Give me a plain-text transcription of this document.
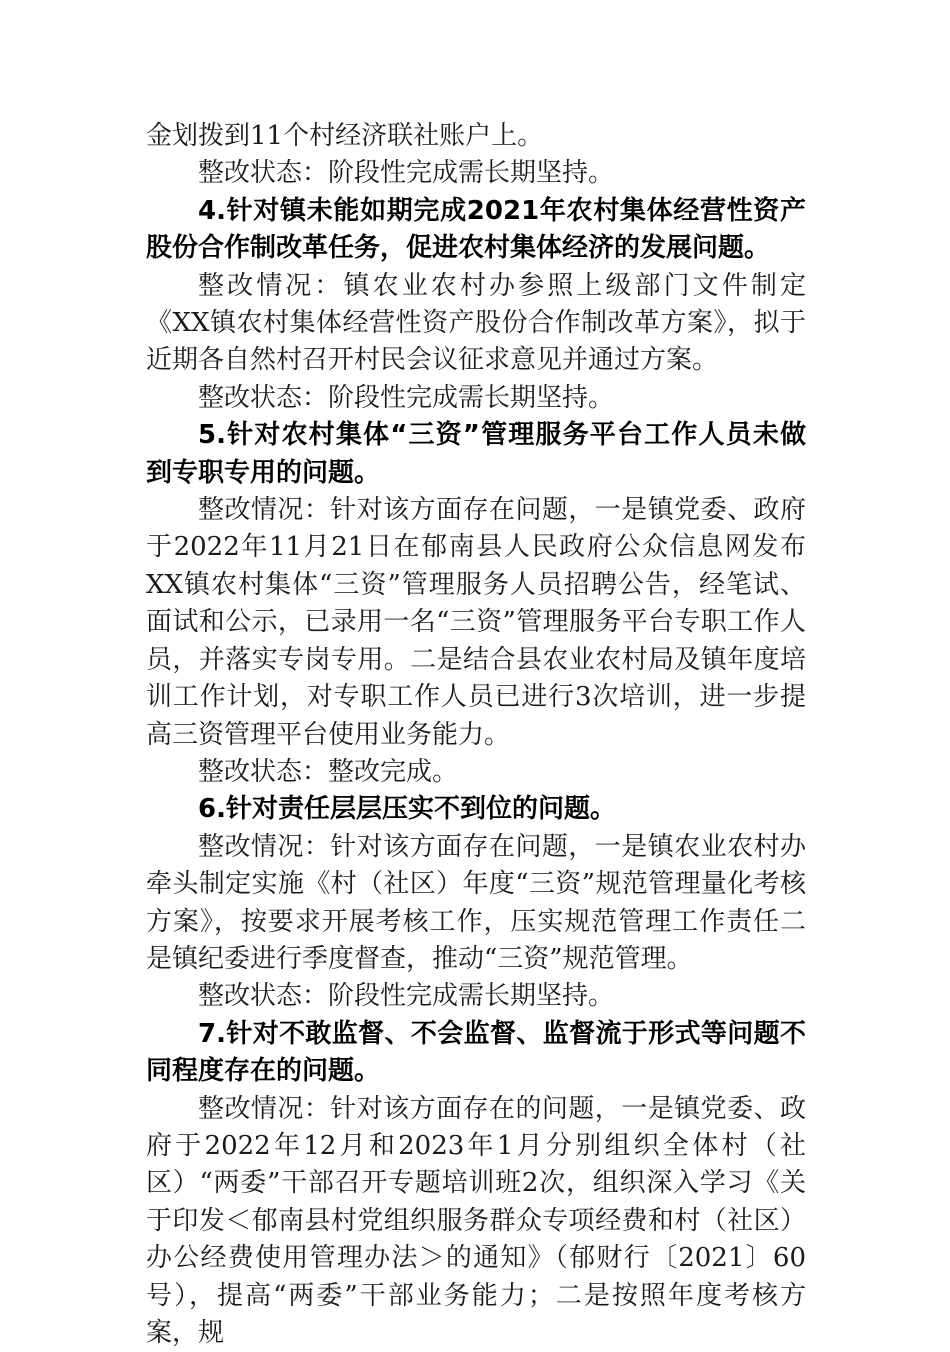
金划拨到11个村经济联社账户上。

整改状态：阶段性完成需长期坚持。

4.针对镇未能如期完成2021年农村集体经营性资产股份合作制改革任务，促进农村集体经济的发展问题。

整改情况：镇农业农村办参照上级部门文件制定《XX镇农村集体经营性资产股份合作制改革方案》，拟于近期各自然村召开村民会议征求意见并通过方案。

整改状态：阶段性完成需长期坚持。

5.针对农村集体“三资”管理服务平台工作人员未做到专职专用的问题。

整改情况：针对该方面存在问题，一是镇党委、政府于2022年11月21日在郁南县人民政府公众信息网发布XX镇农村集体“三资”管理服务人员招聘公告，经笔试、面试和公示，已录用一名“三资”管理服务平台专职工作人员，并落实专岗专用。二是结合县农业农村局及镇年度培训工作计划，对专职工作人员已进行3次培训，进一步提高三资管理平台使用业务能力。

整改状态：整改完成。

6.针对责任层层压实不到位的问题。

整改情况：针对该方面存在问题，一是镇农业农村办牵头制定实施《村（社区）年度“三资”规范管理量化考核方案》，按要求开展考核工作，压实规范管理工作责任二是镇纪委进行季度督查，推动“三资”规范管理。

整改状态：阶段性完成需长期坚持。

7.针对不敢监督、不会监督、监督流于形式等问题不同程度存在的问题。

整改情况：针对该方面存在的问题，一是镇党委、政府于2022年12月和2023年1月分别组织全体村（社区）“两委”干部召开专题培训班2次，组织深入学习《关于印发＜郁南县村党组织服务群众专项经费和村（社区）办公经费使用管理办法＞的通知》（郁财行〔2021〕60号），提高“两委”干部业务能力；二是按照年度考核方案，规
